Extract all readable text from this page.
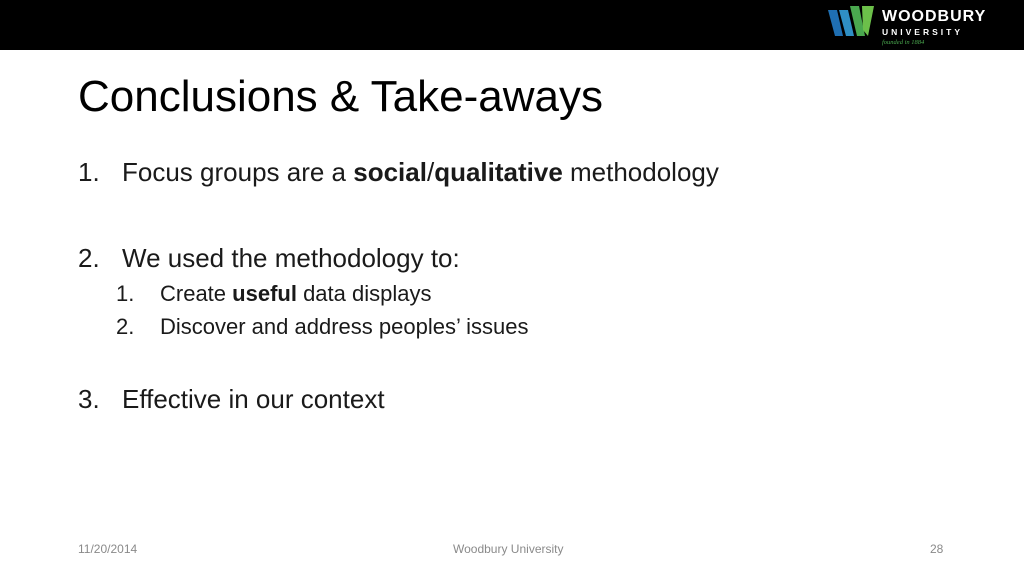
WOODBURY
UNIVERSITY
founded in 1884
Conclusions & Take-aways
1. Focus groups are a social/qualitative methodology
2. We used the methodology to:
1. Create useful data displays
2. Discover and address peoples’ issues
3. Effective in our context
11/20/2014	Woodbury University	28
